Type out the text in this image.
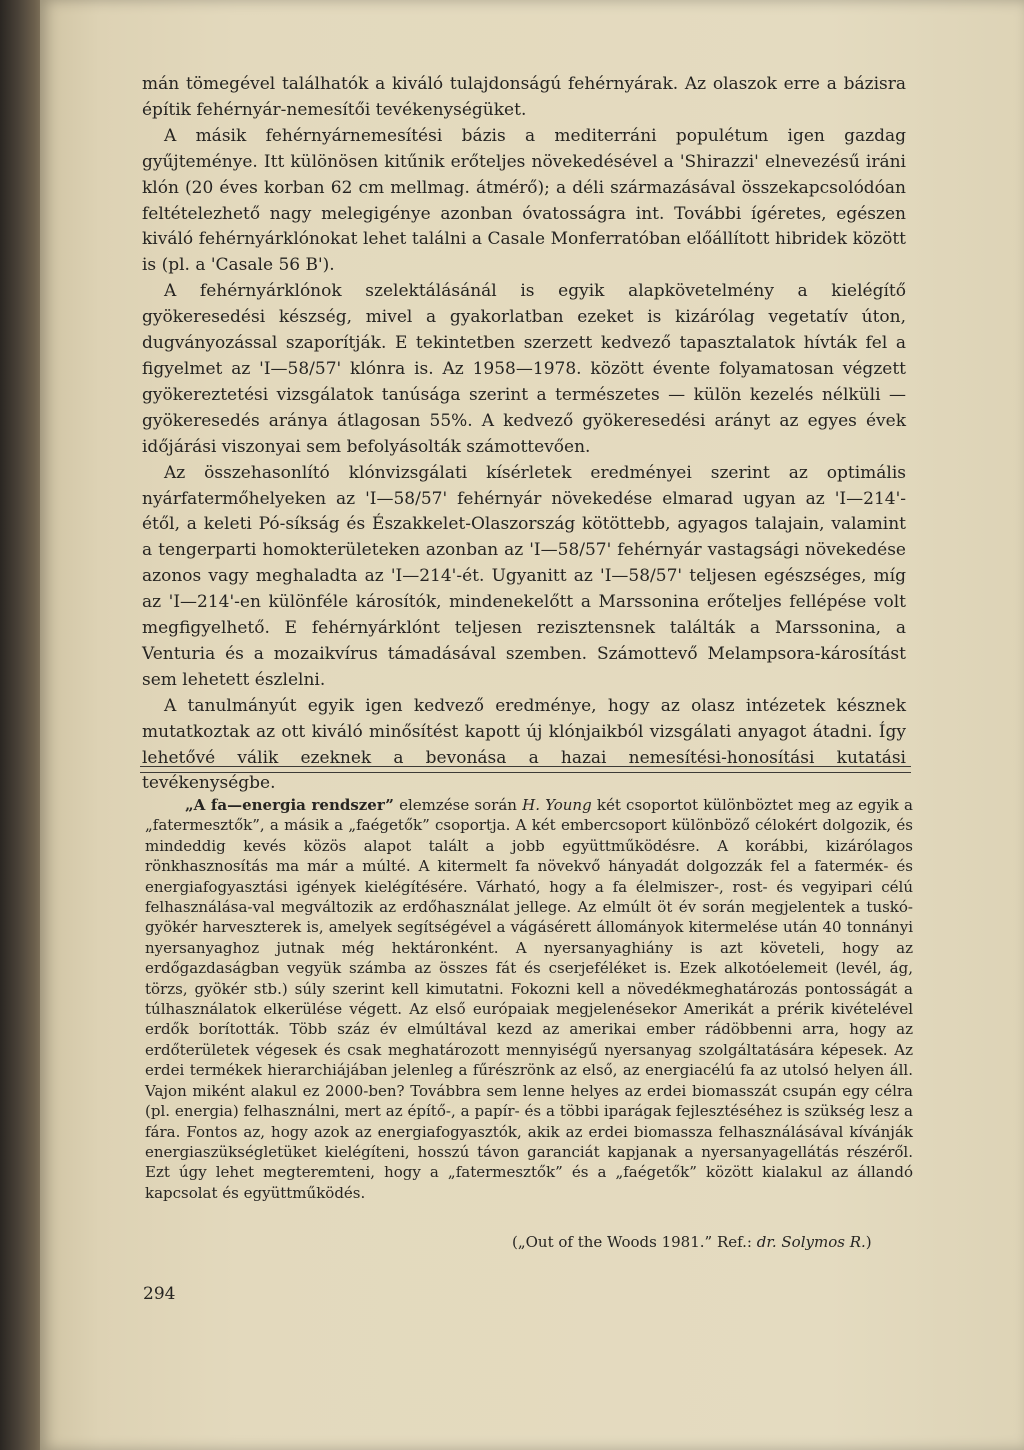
mán tömegével találhatók a kiváló tulajdonságú fehérnyárak. Az olaszok erre a bázisra építik fehérnyár-nemesítői tevékenységüket.

A másik fehérnyárnemesítési bázis a mediterráni populétum igen gazdag gyűjteménye. Itt különösen kitűnik erőteljes növekedésével a 'Shirazzi' elnevezésű iráni klón (20 éves korban 62 cm mellmag. átmérő); a déli származásával összekapcsolódóan feltételezhető nagy melegigénye azonban óvatosságra int. További ígéretes, egészen kiváló fehérnyárklónokat lehet találni a Casale Monferratóban előállított hibridek között is (pl. a 'Casale 56 B').

A fehérnyárklónok szelektálásánál is egyik alapkövetelmény a kielégítő gyökeresedési készség, mivel a gyakorlatban ezeket is kizárólag vegetatív úton, dugványozással szaporítják. E tekintetben szerzett kedvező tapasztalatok hívták fel a figyelmet az 'I—58/57' klónra is. Az 1958—1978. között évente folyamatosan végzett gyökereztetési vizsgálatok tanúsága szerint a természetes — külön kezelés nélküli — gyökeresedés aránya átlagosan 55%. A kedvező gyökeresedési arányt az egyes évek időjárási viszonyai sem befolyásolták számottevően.

Az összehasonlító klónvizsgálati kísérletek eredményei szerint az optimális nyárfatermőhelyeken az 'I—58/57' fehérnyár növekedése elmarad ugyan az 'I—214'-étől, a keleti Pó-síkság és Északkelet-Olaszország kötöttebb, agyagos talajain, valamint a tengerparti homokterületeken azonban az 'I—58/57' fehérnyár vastagsági növekedése azonos vagy meghaladta az 'I—214'-ét. Ugyanitt az 'I—58/57' teljesen egészséges, míg az 'I—214'-en különféle károsítók, mindenekelőtt a Marssonina erőteljes fellépése volt megfigyelhető. E fehérnyárklónt teljesen rezisztensnek találták a Marssonina, a Venturia és a mozaikvírus támadásával szemben. Számottevő Melampsora-károsítást sem lehetett észlelni.

A tanulmányút egyik igen kedvező eredménye, hogy az olasz intézetek késznek mutatkoztak az ott kiváló minősítést kapott új klónjaikból vizsgálati anyagot átadni. Így lehetővé válik ezeknek a bevonása a hazai nemesítési-honosítási kutatási tevékenységbe.

„A fa—energia rendszer” elemzése során H. Young két csoportot különböztet meg az egyik a „fatermesztők”, a másik a „faégetők” csoportja. A két embercsoport különböző célokért dolgozik, és mindeddig kevés közös alapot talált a jobb együttműködésre. A korábbi, kizárólagos rönkhasznosítás ma már a múlté. A kitermelt fa növekvő hányadát dolgozzák fel a faterméк- és energiafogyasztási igények kielégítésére. Várható, hogy a fa élelmiszer-, rost- és vegyipari célú felhasználása-val megváltozik az erdőhasználat jellege. Az elmúlt öt év során megjelentek a tuskó-gyökér harveszterek is, amelyek segítségével a vágásérett állományok kitermelése után 40 tonnányi nyersanyaghoz jutnak még hektáronként. A nyersanyaghiány is azt követeli, hogy az erdőgazdaságban vegyük számba az összes fát és cserjeféléket is. Ezek alkotóelemeit (levél, ág, törzs, gyökér stb.) súly szerint kell kimutatni. Fokozni kell a növedékmeghatározás pontosságát a túlhasználatok elkerülése végett. Az első európaiak megjelenésekor Amerikát a prérik kivételével erdők borították. Több száz év elmúltával kezd az amerikai ember rádöbbenni arra, hogy az erdőterületek végesek és csak meghatározott mennyiségű nyersanyag szolgáltatására képesek. Az erdei termékek hierarchiájában jelenleg a fűrészrönk az első, az energiacélú fa az utolsó helyen áll. Vajon miként alakul ez 2000-ben? Továbbra sem lenne helyes az erdei biomasszát csupán egy célra (pl. energia) felhasználni, mert az építő-, a papír- és a többi iparágak fejlesztéséhez is szükség lesz a fára. Fontos az, hogy azok az energiafogyasztók, akik az erdei biomassza felhasználásával kívánják energiaszükségletüket kielégíteni, hosszú távon garanciát kapjanak a nyersanyagellátás részéről. Ezt úgy lehet megteremteni, hogy a „fatermesztők” és a „faégetők” között kialakul az állandó kapcsolat és együttműködés.

(„Out of the Woods 1981.” Ref.: dr. Solymos R.)
294
